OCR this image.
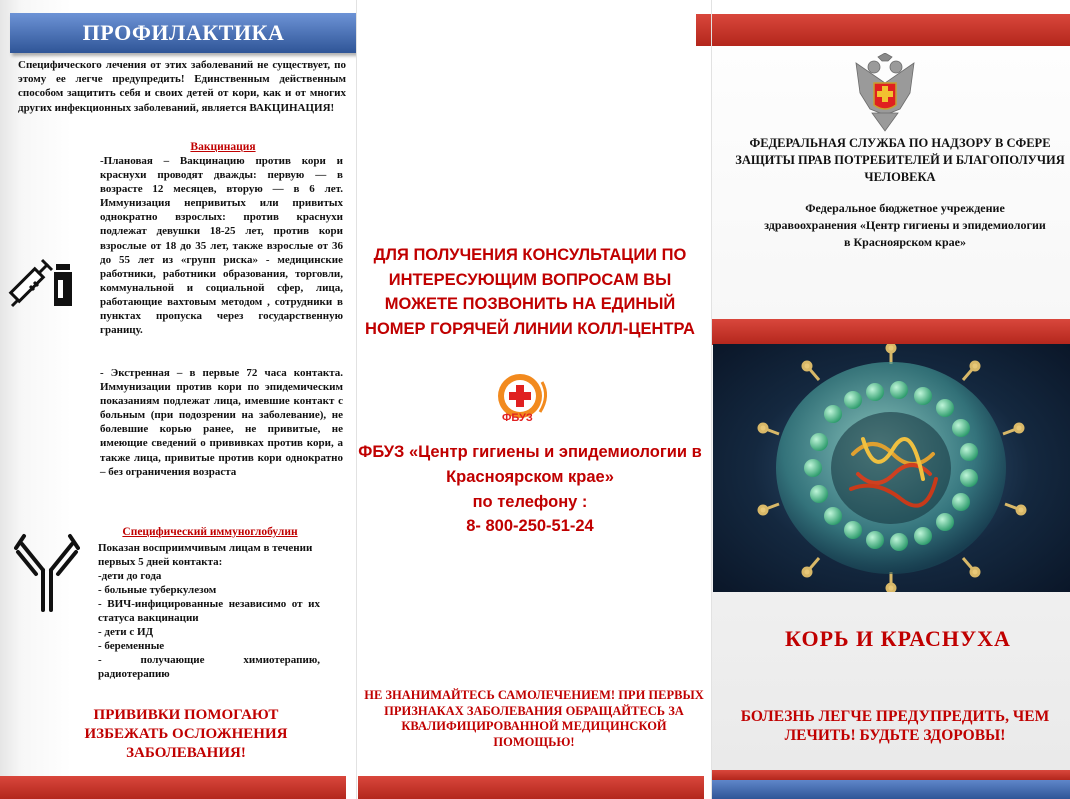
ПРОФИЛАКТИКА
Специфического лечения от этих заболеваний не существует, по этому ее легче предупредить! Единственным действенным способом защитить себя и своих детей от кори, как и от многих других инфекционных заболеваний, является ВАКЦИНАЦИЯ!
Вакцинация
-Плановая – Вакцинацию против кори и краснухи проводят дважды: первую — в возрасте 12 месяцев, вторую — в 6 лет. Иммунизация непривитых или привитых однократно взрослых: против краснухи подлежат девушки 18-25 лет, против кори взрослые от 18 до 35 лет, также взрослые от 36 до 55 лет из «групп риска» - медицинские работники, работники образования, торговли, коммунальной и социальной сфер, лица, работающие вахтовым методом , сотрудники в пунктах пропуска через государственную границу.
- Экстренная – в первые 72 часа контакта. Иммунизации против кори по эпидемическим показаниям подлежат лица, имевшие контакт с больным (при подозрении на заболевание), не болевшие корью ранее, не привитые, не имеющие сведений о прививках против кори, а также лица, привитые против кори однократно – без ограничения возраста
Специфический иммуноглобулин
Показан восприимчивым лицам в течении первых 5 дней контакта:
-дети до года
- больные туберкулезом
- ВИЧ-инфицированные независимо от их статуса вакцинации
- дети с ИД
- беременные
- получающие химиотерапию, радиотерапию
ПРИВИВКИ ПОМОГАЮТ ИЗБЕЖАТЬ ОСЛОЖНЕНИЯ ЗАБОЛЕВАНИЯ!
ДЛЯ ПОЛУЧЕНИЯ КОНСУЛЬТАЦИИ ПО ИНТЕРЕСУЮЩИМ ВОПРОСАМ ВЫ МОЖЕТЕ ПОЗВОНИТЬ НА ЕДИНЫЙ НОМЕР ГОРЯЧЕЙ ЛИНИИ КОЛЛ-ЦЕНТРА
ФБУЗ
ФБУЗ «Центр гигиены и эпидемиологии в Красноярском крае»
по телефону :
8- 800-250-51-24
НЕ ЗНАНИМАЙТЕСЬ САМОЛЕЧЕНИЕМ! ПРИ ПЕРВЫХ ПРИЗНАКАХ ЗАБОЛЕВАНИЯ ОБРАЩАЙТЕСЬ ЗА КВАЛИФИЦИРОВАННОЙ МЕДИЦИНСКОЙ ПОМОЩЬЮ!
ФЕДЕРАЛЬНАЯ СЛУЖБА ПО НАДЗОРУ В СФЕРЕ ЗАЩИТЫ ПРАВ ПОТРЕБИТЕЛЕЙ И БЛАГОПОЛУЧИЯ ЧЕЛОВЕКА
Федеральное бюджетное учреждение здравоохранения «Центр гигиены и эпидемиологии в Красноярском крае»
КОРЬ И КРАСНУХА
БОЛЕЗНЬ ЛЕГЧЕ ПРЕДУПРЕДИТЬ, ЧЕМ ЛЕЧИТЬ! БУДЬТЕ ЗДОРОВЫ!
